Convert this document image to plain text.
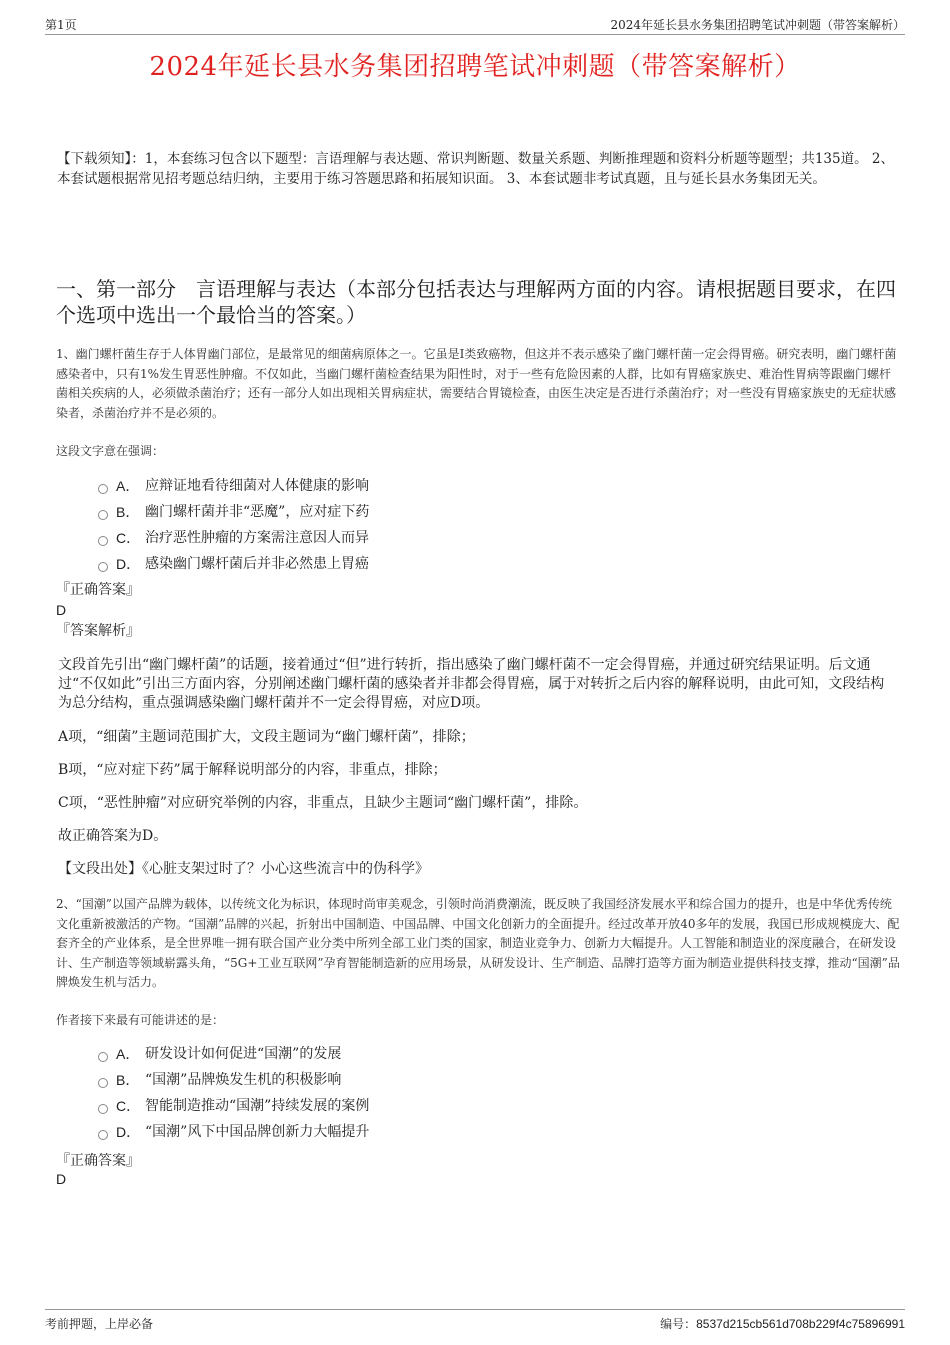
第1页	2024年延长县水务集团招聘笔试冲刺题（带答案解析）
2024年延长县水务集团招聘笔试冲刺题（带答案解析）

【下载须知】：1，本套练习包含以下题型：言语理解与表达题、常识判断题、数量关系题、判断推理题和资料分析题等题型；共135道。 2、本套试题根据常见招考题总结归纳，主要用于练习答题思路和拓展知识面。 3、本套试题非考试真题，且与延长县水务集团无关。

一、第一部分　言语理解与表达（本部分包括表达与理解两方面的内容。请根据题目要求，在四个选项中选出一个最恰当的答案。）

1、幽门螺杆菌生存于人体胃幽门部位，是最常见的细菌病原体之一。它虽是I类致癌物，但这并不表示感染了幽门螺杆菌一定会得胃癌。研究表明，幽门螺杆菌感染者中，只有1%发生胃恶性肿瘤。不仅如此，当幽门螺杆菌检查结果为阳性时，对于一些有危险因素的人群，比如有胃癌家族史、难治性胃病等跟幽门螺杆菌相关疾病的人，必须做杀菌治疗；还有一部分人如出现相关胃病症状，需要结合胃镜检查，由医生决定是否进行杀菌治疗；对一些没有胃癌家族史的无症状感染者，杀菌治疗并不是必须的。

这段文字意在强调：

A． 应辩证地看待细菌对人体健康的影响
B． 幽门螺杆菌并非“恶魔”，应对症下药
C． 治疗恶性肿瘤的方案需注意因人而异
D． 感染幽门螺杆菌后并非必然患上胃癌
『正确答案』
D
『答案解析』

文段首先引出“幽门螺杆菌”的话题，接着通过“但”进行转折，指出感染了幽门螺杆菌不一定会得胃癌，并通过研究结果证明。后文通过“不仅如此”引出三方面内容，分别阐述幽门螺杆菌的感染者并非都会得胃癌，属于对转折之后内容的解释说明，由此可知，文段结构为总分结构，重点强调感染幽门螺杆菌并不一定会得胃癌，对应D项。

A项，“细菌”主题词范围扩大，文段主题词为“幽门螺杆菌”，排除；

B项，“应对症下药”属于解释说明部分的内容，非重点，排除；

C项，“恶性肿瘤”对应研究举例的内容，非重点，且缺少主题词“幽门螺杆菌”，排除。

故正确答案为D。

【文段出处】《心脏支架过时了？小心这些流言中的伪科学》

2、“国潮”以国产品牌为载体，以传统文化为标识，体现时尚审美观念，引领时尚消费潮流，既反映了我国经济发展水平和综合国力的提升，也是中华优秀传统文化重新被激活的产物。“国潮”品牌的兴起，折射出中国制造、中国品牌、中国文化创新力的全面提升。经过改革开放40多年的发展，我国已形成规模庞大、配套齐全的产业体系，是全世界唯一拥有联合国产业分类中所列全部工业门类的国家，制造业竞争力、创新力大幅提升。人工智能和制造业的深度融合，在研发设计、生产制造等领域崭露头角，“5G+工业互联网”孕育智能制造新的应用场景，从研发设计、生产制造、品牌打造等方面为制造业提供科技支撑，推动“国潮”品牌焕发生机与活力。

作者接下来最有可能讲述的是：

A． 研发设计如何促进“国潮”的发展
B． “国潮”品牌焕发生机的积极影响
C． 智能制造推动“国潮”持续发展的案例
D． “国潮”风下中国品牌创新力大幅提升
『正确答案』
D
考前押题，上岸必备	编号：8537d215cb561d708b229f4c75896991
